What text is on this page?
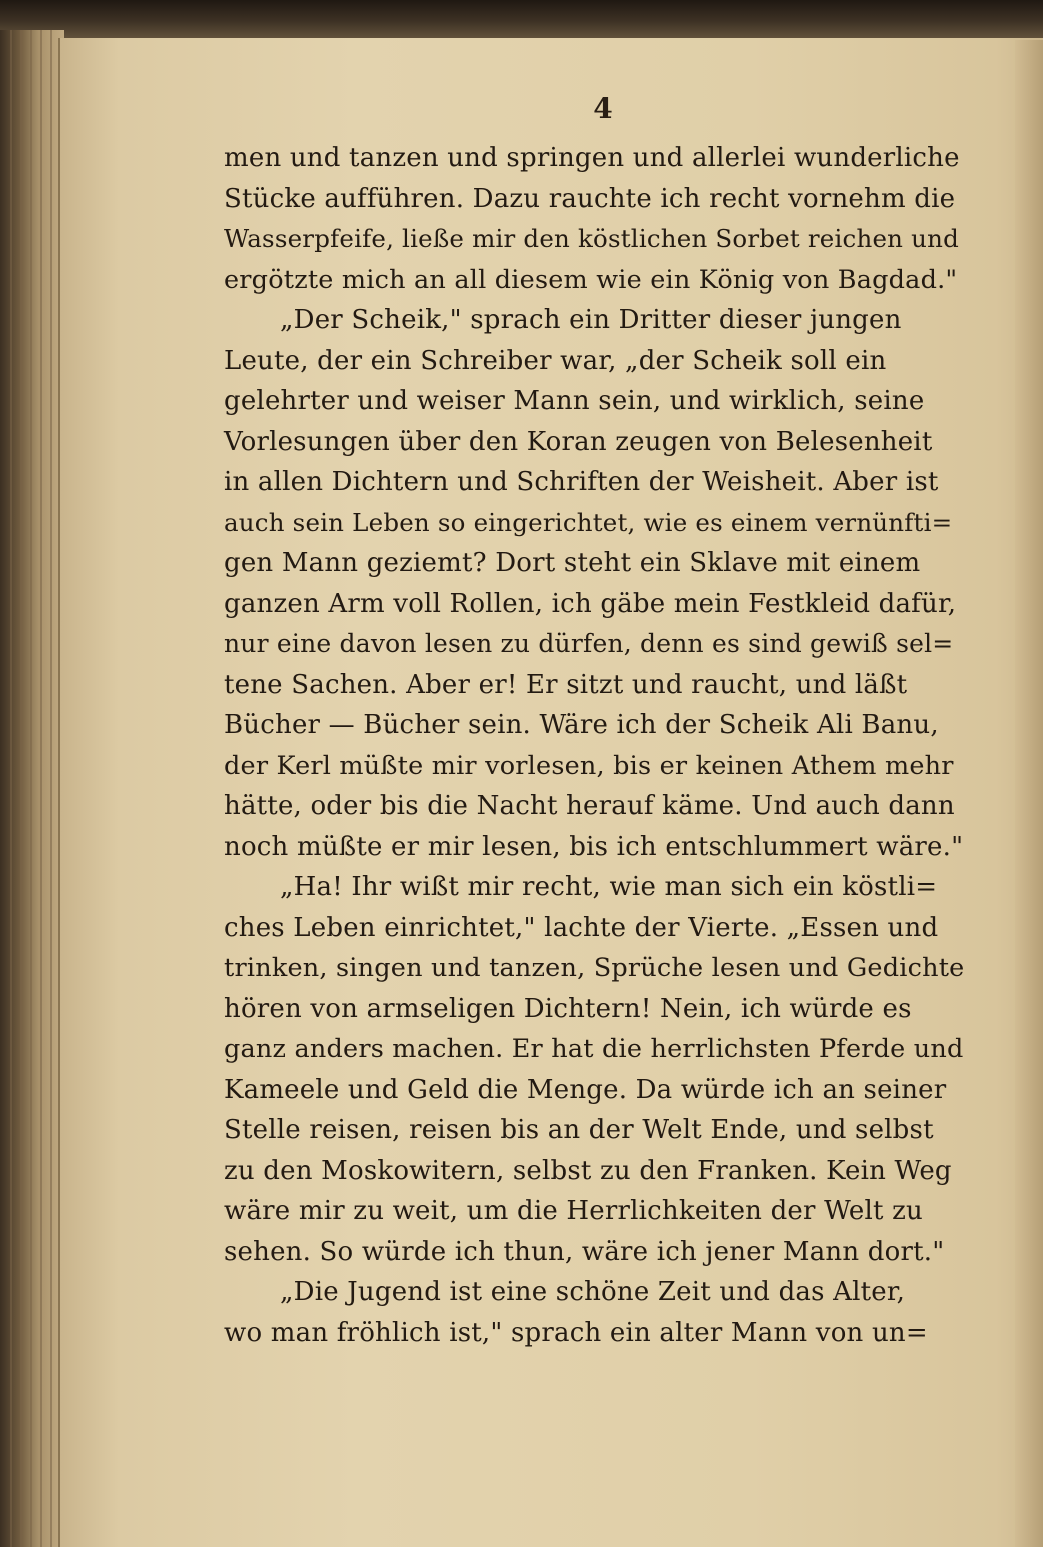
4
men und tanzen und springen und allerlei wunderliche
Stücke aufführen. Dazu rauchte ich recht vornehm die
Wasserpfeife, ließe mir den köstlichen Sorbet reichen und
ergötzte mich an all diesem wie ein König von Bagdad."
„Der Scheik," sprach ein Dritter dieser jungen
Leute, der ein Schreiber war, „der Scheik soll ein
gelehrter und weiser Mann sein, und wirklich, seine
Vorlesungen über den Koran zeugen von Belesenheit
in allen Dichtern und Schriften der Weisheit. Aber ist
auch sein Leben so eingerichtet, wie es einem vernünfti=
gen Mann geziemt? Dort steht ein Sklave mit einem
ganzen Arm voll Rollen, ich gäbe mein Festkleid dafür,
nur eine davon lesen zu dürfen, denn es sind gewiß sel=
tene Sachen. Aber er! Er sitzt und raucht, und läßt
Bücher — Bücher sein. Wäre ich der Scheik Ali Banu,
der Kerl müßte mir vorlesen, bis er keinen Athem mehr
hätte, oder bis die Nacht herauf käme. Und auch dann
noch müßte er mir lesen, bis ich entschlummert wäre."
„Ha! Ihr wißt mir recht, wie man sich ein köstli=
ches Leben einrichtet," lachte der Vierte. „Essen und
trinken, singen und tanzen, Sprüche lesen und Gedichte
hören von armseligen Dichtern! Nein, ich würde es
ganz anders machen. Er hat die herrlichsten Pferde und
Kameele und Geld die Menge. Da würde ich an seiner
Stelle reisen, reisen bis an der Welt Ende, und selbst
zu den Moskowitern, selbst zu den Franken. Kein Weg
wäre mir zu weit, um die Herrlichkeiten der Welt zu
sehen. So würde ich thun, wäre ich jener Mann dort."
„Die Jugend ist eine schöne Zeit und das Alter,
wo man fröhlich ist," sprach ein alter Mann von un=
